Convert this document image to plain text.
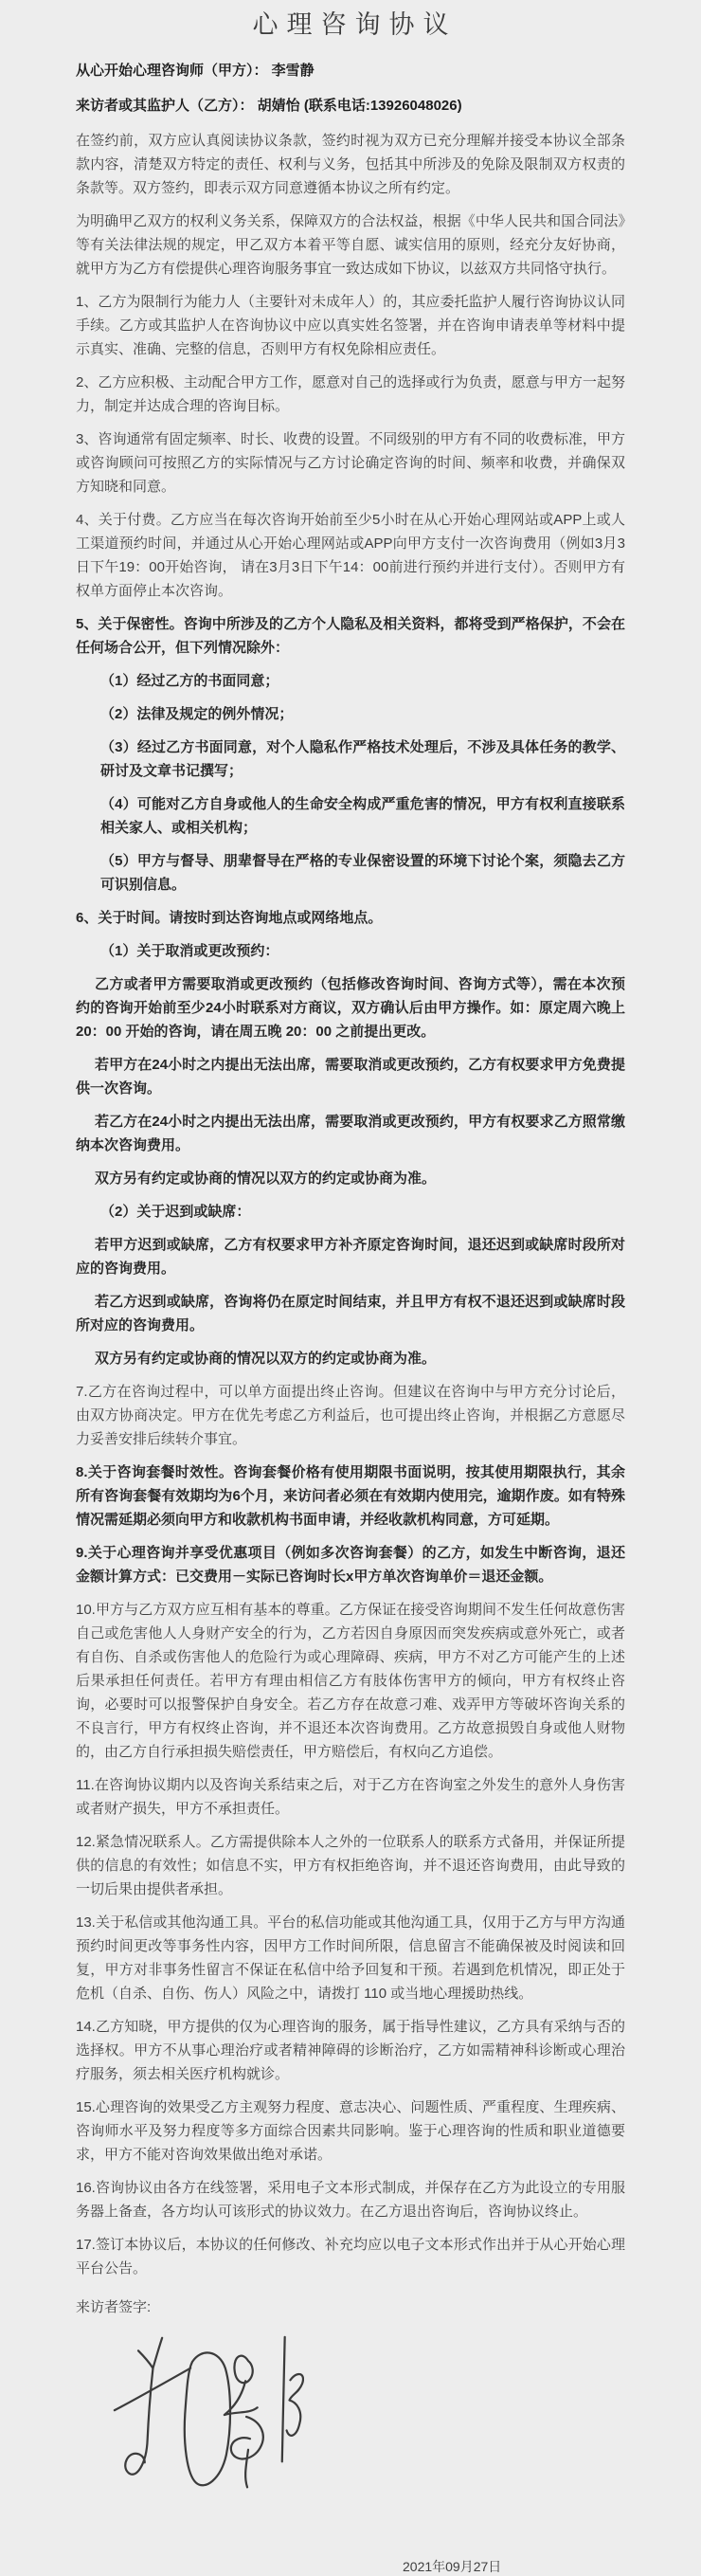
心理咨询协议

从心开始心理咨询师（甲方）： 李雪静

来访者或其监护人（乙方）： 胡婧怡 (联系电话:13926048026)

在签约前，双方应认真阅读协议条款，签约时视为双方已充分理解并接受本协议全部条款内容，清楚双方特定的责任、权利与义务，包括其中所涉及的免除及限制双方权责的条款等。双方签约，即表示双方同意遵循本协议之所有约定。

为明确甲乙双方的权利义务关系，保障双方的合法权益，根据《中华人民共和国合同法》等有关法律法规的规定，甲乙双方本着平等自愿、诚实信用的原则，经充分友好协商，就甲方为乙方有偿提供心理咨询服务事宜一致达成如下协议，以兹双方共同恪守执行。

1、乙方为限制行为能力人（主要针对未成年人）的，其应委托监护人履行咨询协议认同手续。乙方或其监护人在咨询协议中应以真实姓名签署，并在咨询申请表单等材料中提示真实、准确、完整的信息，否则甲方有权免除相应责任。

2、乙方应积极、主动配合甲方工作，愿意对自己的选择或行为负责，愿意与甲方一起努力，制定并达成合理的咨询目标。

3、咨询通常有固定频率、时长、收费的设置。不同级别的甲方有不同的收费标准，甲方或咨询顾问可按照乙方的实际情况与乙方讨论确定咨询的时间、频率和收费，并确保双方知晓和同意。

4、关于付费。乙方应当在每次咨询开始前至少5小时在从心开始心理网站或APP上或人工渠道预约时间，并通过从心开始心理网站或APP向甲方支付一次咨询费用（例如3月3日下午19：00开始咨询， 请在3月3日下午14：00前进行预约并进行支付）。否则甲方有权单方面停止本次咨询。

5、关于保密性。咨询中所涉及的乙方个人隐私及相关资料，都将受到严格保护，不会在任何场合公开，但下列情况除外：

（1）经过乙方的书面同意；

（2）法律及规定的例外情况；

（3）经过乙方书面同意，对个人隐私作严格技术处理后，不涉及具体任务的教学、研讨及文章书记撰写；

（4）可能对乙方自身或他人的生命安全构成严重危害的情况，甲方有权利直接联系相关家人、或相关机构；

（5）甲方与督导、朋辈督导在严格的专业保密设置的环境下讨论个案，须隐去乙方可识别信息。

6、关于时间。请按时到达咨询地点或网络地点。

（1）关于取消或更改预约：

乙方或者甲方需要取消或更改预约（包括修改咨询时间、咨询方式等），需在本次预约的咨询开始前至少24小时联系对方商议，双方确认后由甲方操作。如：原定周六晚上20：00 开始的咨询，请在周五晚 20：00 之前提出更改。

若甲方在24小时之内提出无法出席，需要取消或更改预约，乙方有权要求甲方免费提供一次咨询。

若乙方在24小时之内提出无法出席，需要取消或更改预约，甲方有权要求乙方照常缴纳本次咨询费用。

双方另有约定或协商的情况以双方的约定或协商为准。

（2）关于迟到或缺席：

若甲方迟到或缺席，乙方有权要求甲方补齐原定咨询时间，退还迟到或缺席时段所对应的咨询费用。

若乙方迟到或缺席，咨询将仍在原定时间结束，并且甲方有权不退还迟到或缺席时段所对应的咨询费用。

双方另有约定或协商的情况以双方的约定或协商为准。

7.乙方在咨询过程中，可以单方面提出终止咨询。但建议在咨询中与甲方充分讨论后，由双方协商决定。甲方在优先考虑乙方利益后，也可提出终止咨询，并根据乙方意愿尽力妥善安排后续转介事宜。

8.关于咨询套餐时效性。咨询套餐价格有使用期限书面说明，按其使用期限执行，其余所有咨询套餐有效期均为6个月，来访问者必须在有效期内使用完，逾期作废。如有特殊情况需延期必须向甲方和收款机构书面申请，并经收款机构同意，方可延期。

9.关于心理咨询并享受优惠项目（例如多次咨询套餐）的乙方，如发生中断咨询，退还金额计算方式：已交费用－实际已咨询时长x甲方单次咨询单价＝退还金额。

10.甲方与乙方双方应互相有基本的尊重。乙方保证在接受咨询期间不发生任何故意伤害自己或危害他人人身财产安全的行为，乙方若因自身原因而突发疾病或意外死亡，或者有自伤、自杀或伤害他人的危险行为或心理障碍、疾病，甲方不对乙方可能产生的上述后果承担任何责任。若甲方有理由相信乙方有肢体伤害甲方的倾向，甲方有权终止咨询，必要时可以报警保护自身安全。若乙方存在故意刁难、戏弄甲方等破坏咨询关系的不良言行，甲方有权终止咨询，并不退还本次咨询费用。乙方故意损毁自身或他人财物的，由乙方自行承担损失赔偿责任，甲方赔偿后，有权向乙方追偿。

11.在咨询协议期内以及咨询关系结束之后，对于乙方在咨询室之外发生的意外人身伤害或者财产损失，甲方不承担责任。

12.紧急情况联系人。乙方需提供除本人之外的一位联系人的联系方式备用，并保证所提供的信息的有效性；如信息不实，甲方有权拒绝咨询，并不退还咨询费用，由此导致的一切后果由提供者承担。

13.关于私信或其他沟通工具。平台的私信功能或其他沟通工具，仅用于乙方与甲方沟通预约时间更改等事务性内容，因甲方工作时间所限，信息留言不能确保被及时阅读和回复，甲方对非事务性留言不保证在私信中给予回复和干预。若遇到危机情况，即正处于危机（自杀、自伤、伤人）风险之中，请拨打 110 或当地心理援助热线。

14.乙方知晓，甲方提供的仅为心理咨询的服务，属于指导性建议，乙方具有采纳与否的选择权。甲方不从事心理治疗或者精神障碍的诊断治疗，乙方如需精神科诊断或心理治疗服务，须去相关医疗机构就诊。

15.心理咨询的效果受乙方主观努力程度、意志决心、问题性质、严重程度、生理疾病、咨询师水平及努力程度等多方面综合因素共同影响。鉴于心理咨询的性质和职业道德要求，甲方不能对咨询效果做出绝对承诺。

16.咨询协议由各方在线签署，采用电子文本形式制成，并保存在乙方为此设立的专用服务器上备查，各方均认可该形式的协议效力。在乙方退出咨询后，咨询协议终止。

17.签订本协议后，本协议的任何修改、补充均应以电子文本形式作出并于从心开始心理平台公告。

来访者签字:

2021年09月27日
